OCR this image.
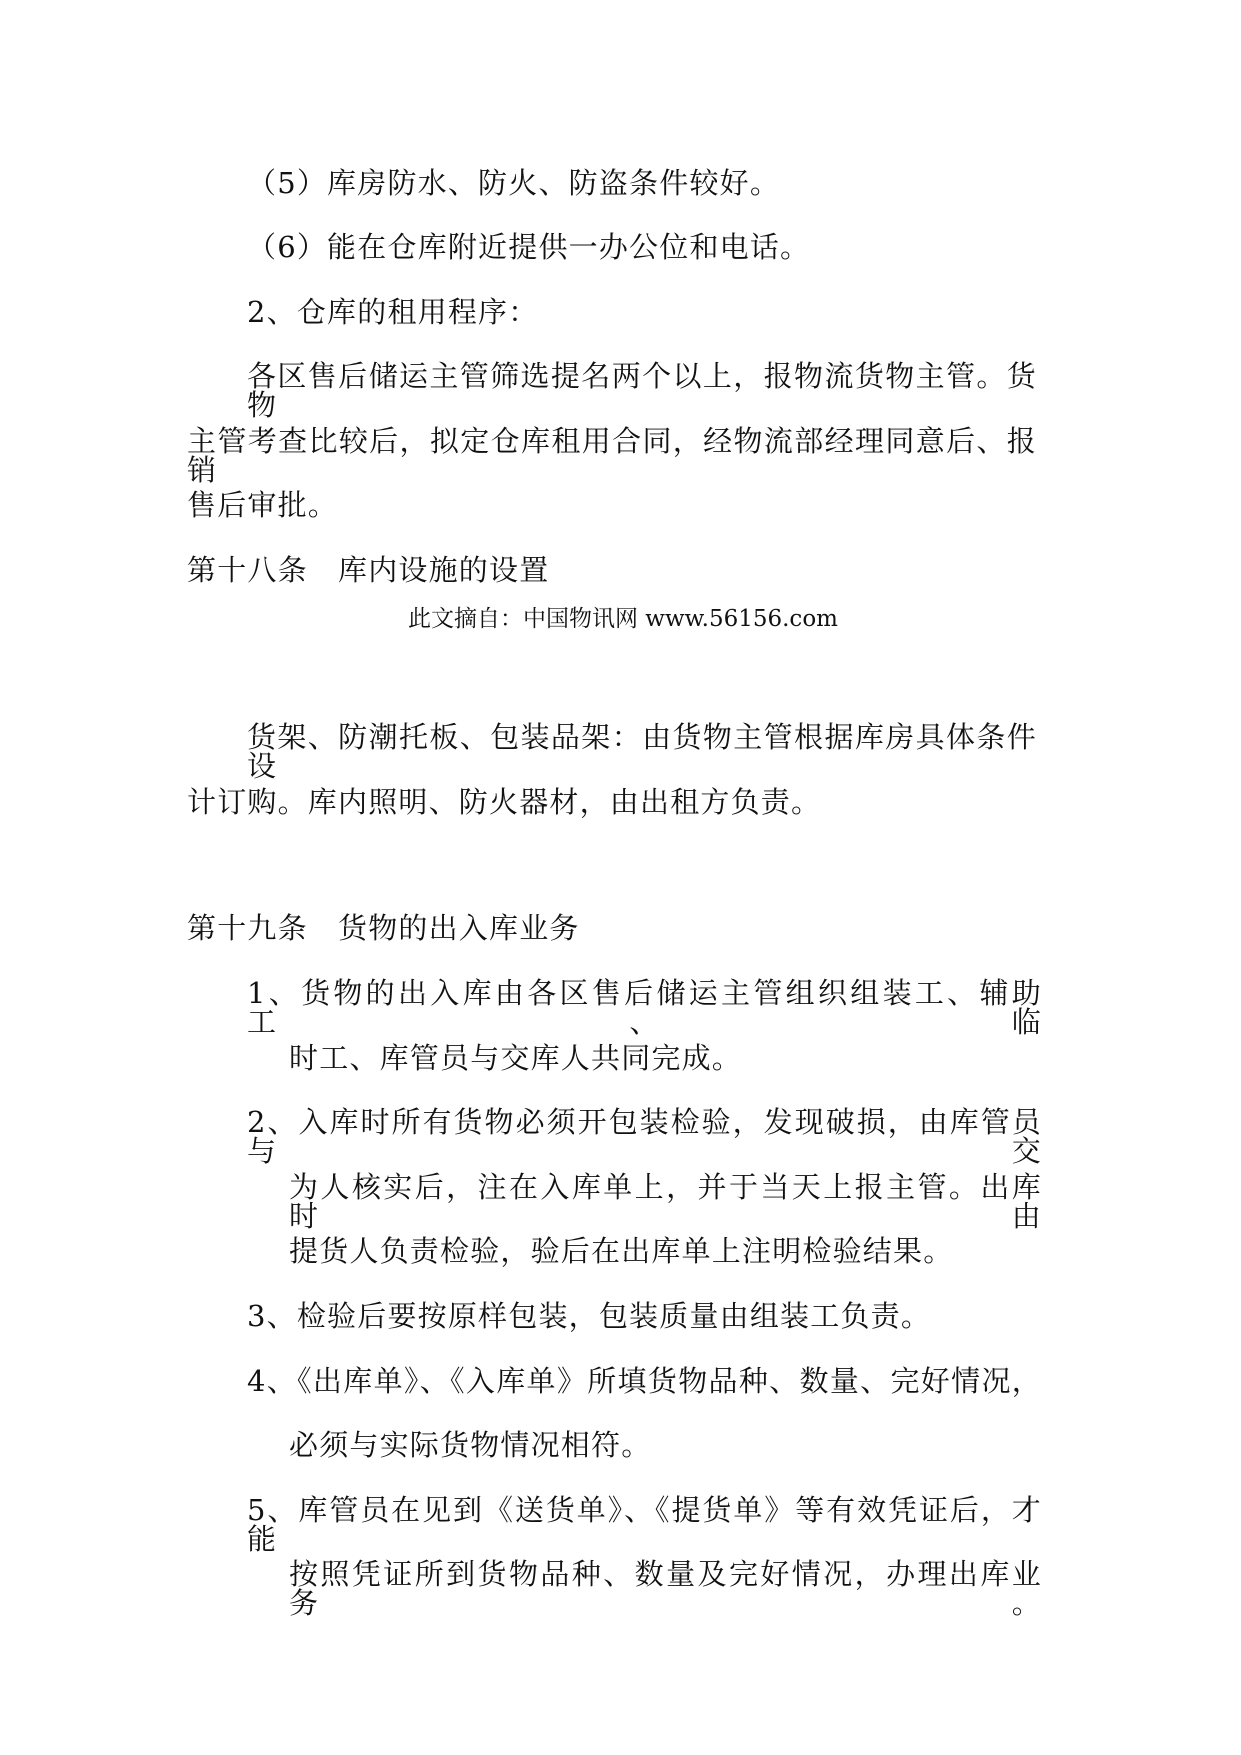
（5）库房防水、防火、防盗条件较好。
（6）能在仓库附近提供一办公位和电话。
2、仓库的租用程序：
各区售后储运主管筛选提名两个以上，报物流货物主管。货物
主管考查比较后，拟定仓库租用合同，经物流部经理同意后、报销
售后审批。
第十八条　库内设施的设置
此文摘自：中国物讯网 www.56156.com
货架、防潮托板、包装品架：由货物主管根据库房具体条件设
计订购。库内照明、防火器材，由出租方负责。
第十九条　货物的出入库业务
1、货物的出入库由各区售后储运主管组织组装工、辅助工、临
时工、库管员与交库人共同完成。
2、入库时所有货物必须开包装检验，发现破损，由库管员与交
为人核实后，注在入库单上，并于当天上报主管。出库时由
提货人负责检验，验后在出库单上注明检验结果。
3、检验后要按原样包装，包装质量由组装工负责。
4、《出库单》、《入库单》所填货物品种、数量、完好情况，
必须与实际货物情况相符。
5、库管员在见到《送货单》、《提货单》等有效凭证后，才能
按照凭证所到货物品种、数量及完好情况，办理出库业务。
